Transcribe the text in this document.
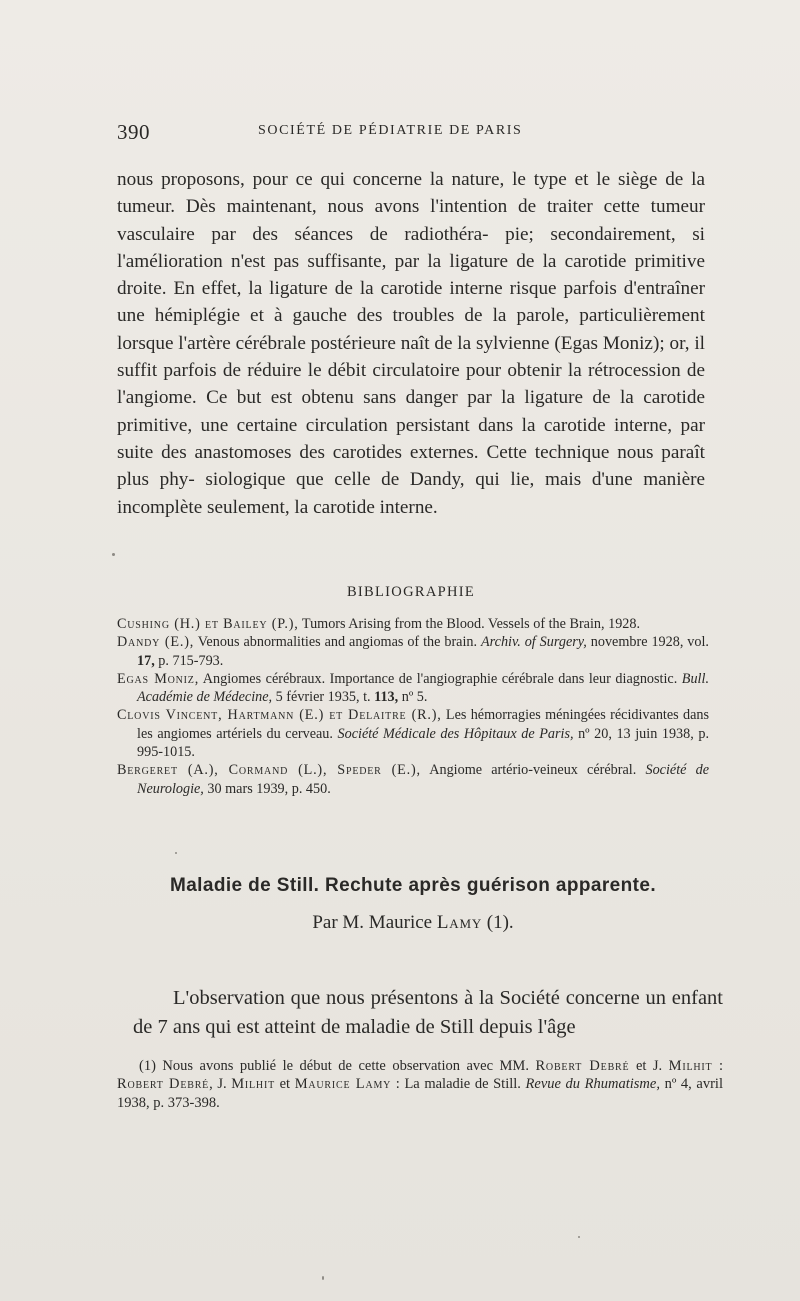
390	SOCIÉTÉ DE PÉDIATRIE DE PARIS
nous proposons, pour ce qui concerne la nature, le type et le siège de la tumeur. Dès maintenant, nous avons l'intention de traiter cette tumeur vasculaire par des séances de radiothéra- pie; secondairement, si l'amélioration n'est pas suffisante, par la ligature de la carotide primitive droite. En effet, la ligature de la carotide interne risque parfois d'entraîner une hémiplégie et à gauche des troubles de la parole, particulièrement lorsque l'artère cérébrale postérieure naît de la sylvienne (Egas Moniz); or, il suffit parfois de réduire le débit circulatoire pour obtenir la rétrocession de l'angiome. Ce but est obtenu sans danger par la ligature de la carotide primitive, une certaine circulation persistant dans la carotide interne, par suite des anastomoses des carotides externes. Cette technique nous paraît plus phy- siologique que celle de Dandy, qui lie, mais d'une manière
incomplète seulement, la carotide interne.
BIBLIOGRAPHIE
Cushing (H.) et Bailey (P.), Tumors Arising from the Blood. Vessels of the Brain, 1928.
Dandy (E.), Venous abnormalities and angiomas of the brain. Archiv. of Surgery, novembre 1928, vol. 17, p. 715-793.
Egas Moniz, Angiomes cérébraux. Importance de l'angiographie cérébrale dans leur diagnostic. Bull. Académie de Médecine, 5 février 1935, t. 113, nº 5.
Clovis Vincent, Hartmann (E.) et Delaitre (R.), Les hémorragies méningées récidivantes dans les angiomes artériels du cerveau. Société Médicale des Hôpitaux de Paris, nº 20, 13 juin 1938, p. 995-1015.
Bergeret (A.), Cormand (L.), Speder (E.), Angiome artério-veineux cérébral. Société de Neurologie, 30 mars 1939, p. 450.
Maladie de Still. Rechute après guérison apparente.
Par M. Maurice Lamy (1).
L'observation que nous présentons à la Société concerne un enfant de 7 ans qui est atteint de maladie de Still depuis l'âge

(1) Nous avons publié le début de cette observation avec MM. Robert Debré et J. Milhit : Robert Debré, J. Milhit et Maurice Lamy : La maladie de Still. Revue du Rhumatisme, nº 4, avril 1938, p. 373-398.
